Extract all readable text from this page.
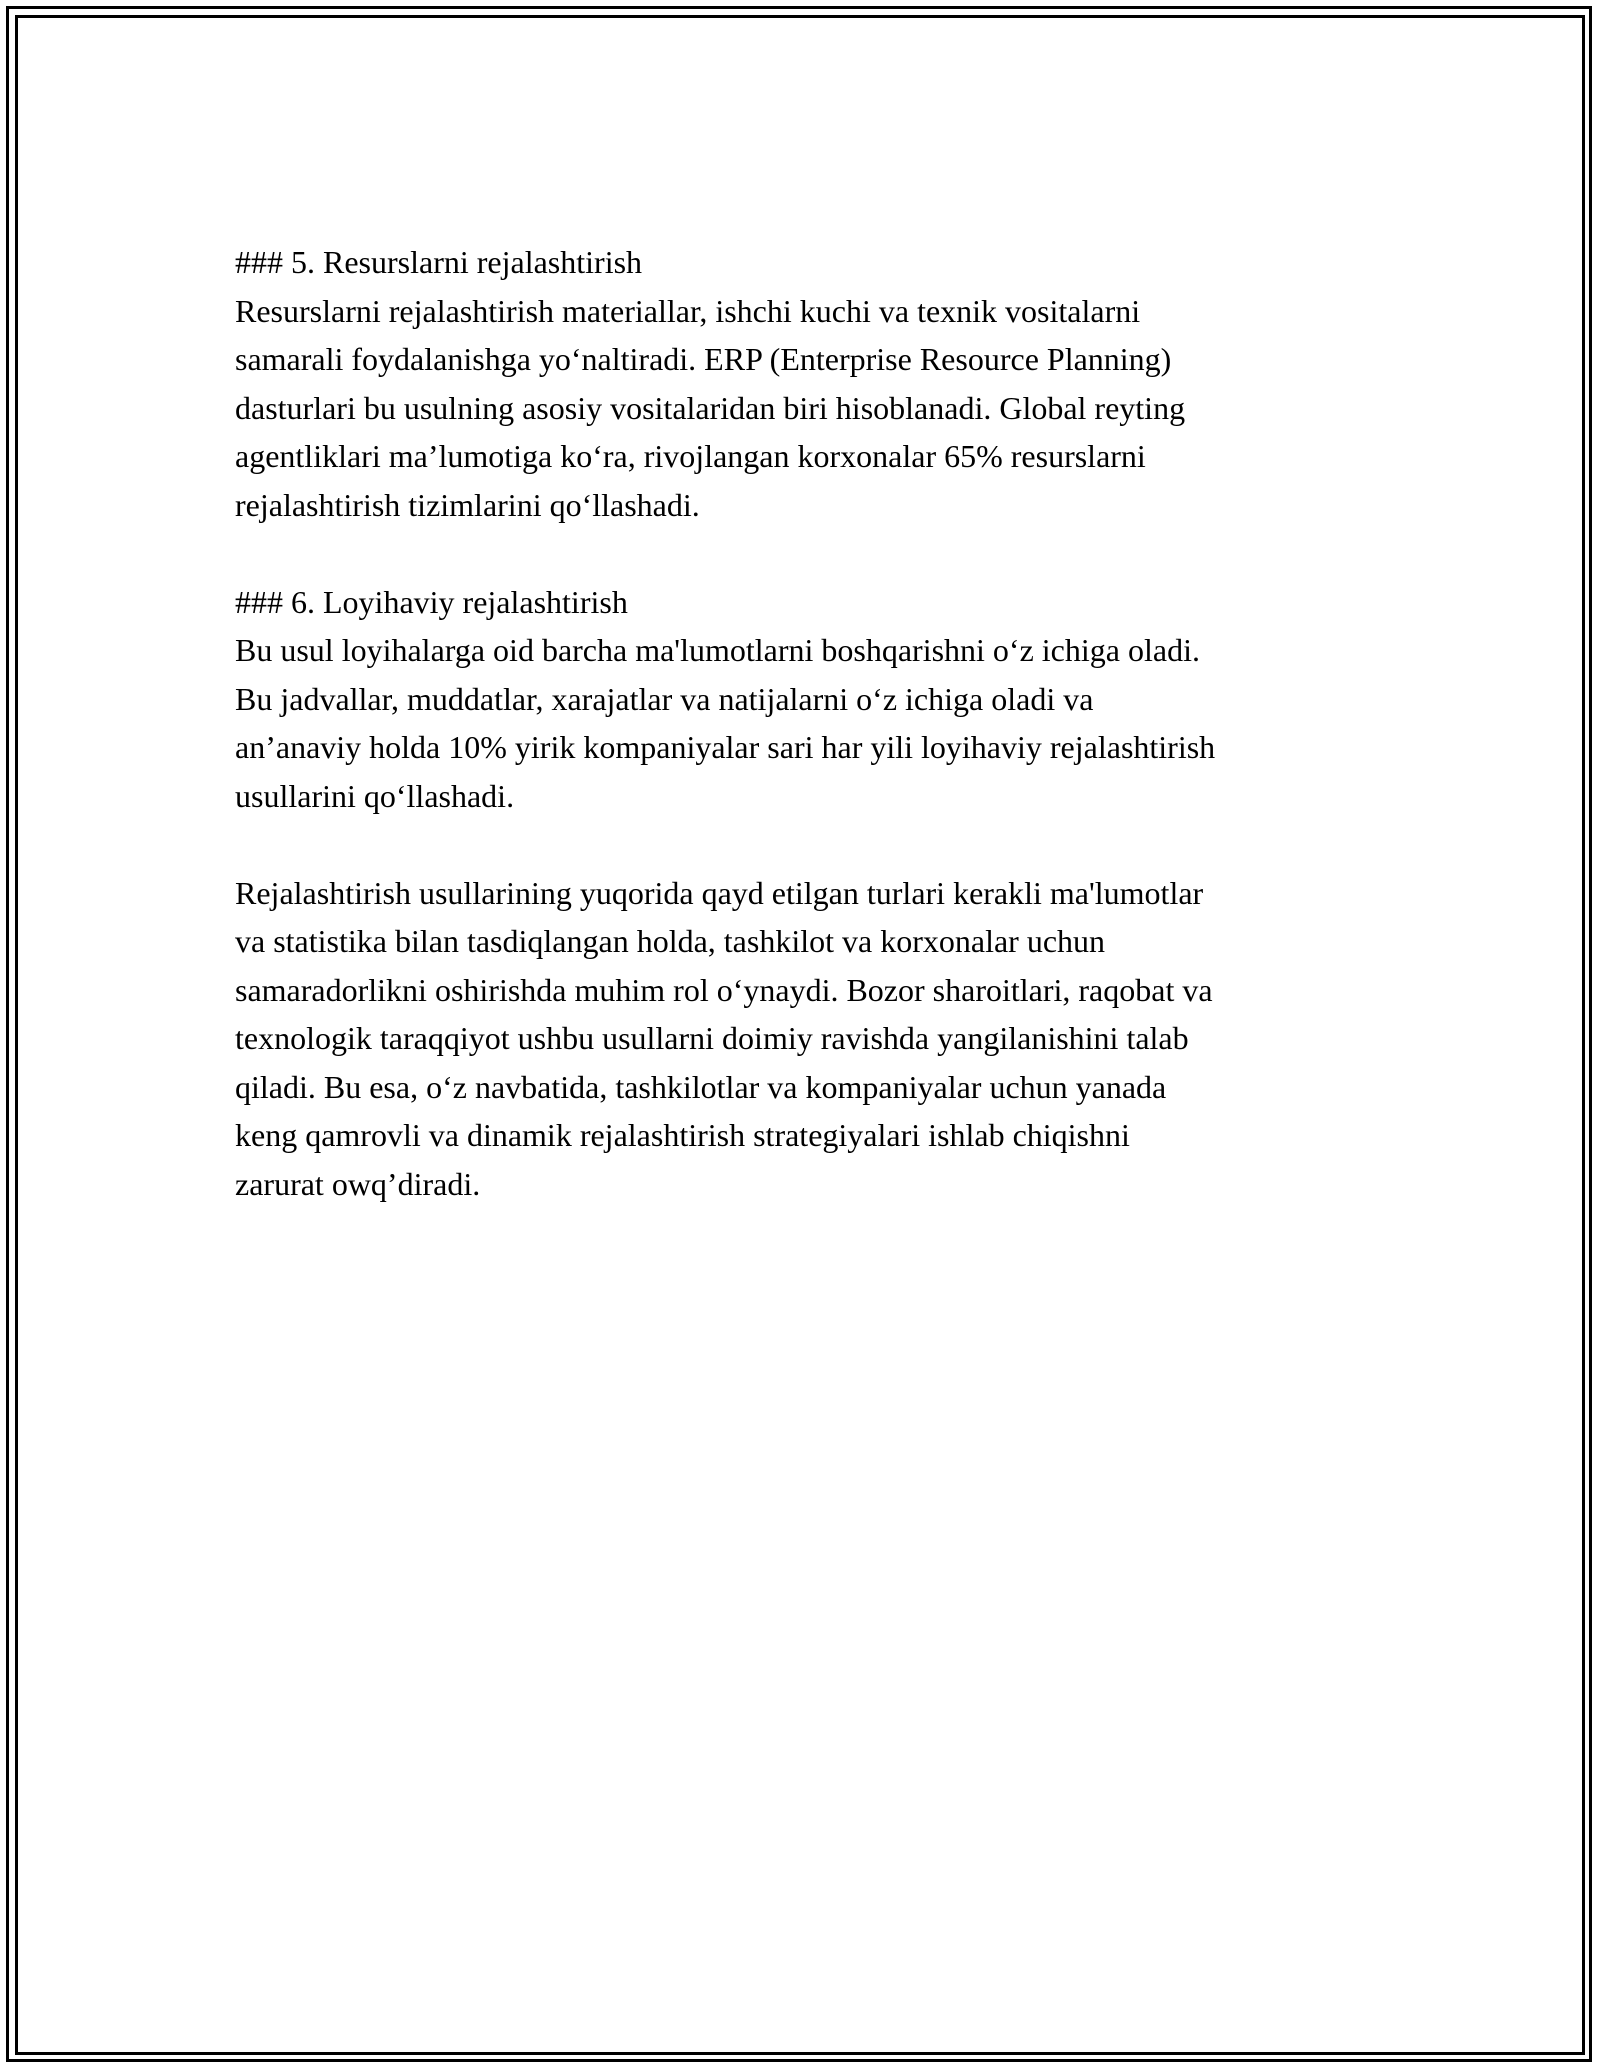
### 5. Resurslarni rejalashtirish
Resurslarni rejalashtirish materiallar, ishchi kuchi va texnik vositalarni
samarali foydalanishga yo‘naltiradi. ERP (Enterprise Resource Planning)
dasturlari bu usulning asosiy vositalaridan biri hisoblanadi. Global reyting
agentliklari ma’lumotiga ko‘ra, rivojlangan korxonalar 65% resurslarni
rejalashtirish tizimlarini qo‘llashadi.
### 6. Loyihaviy rejalashtirish
Bu usul loyihalarga oid barcha ma'lumotlarni boshqarishni o‘z ichiga oladi.
Bu jadvallar, muddatlar, xarajatlar va natijalarni o‘z ichiga oladi va
an’anaviy holda 10% yirik kompaniyalar sari har yili loyihaviy rejalashtirish
usullarini qo‘llashadi.
Rejalashtirish usullarining yuqorida qayd etilgan turlari kerakli ma'lumotlar
va statistika bilan tasdiqlangan holda, tashkilot va korxonalar uchun
samaradorlikni oshirishda muhim rol o‘ynaydi. Bozor sharoitlari, raqobat va
texnologik taraqqiyot ushbu usullarni doimiy ravishda yangilanishini talab
qiladi. Bu esa, o‘z navbatida, tashkilotlar va kompaniyalar uchun yanada
keng qamrovli va dinamik rejalashtirish strategiyalari ishlab chiqishni
zarurat owq’diradi.
